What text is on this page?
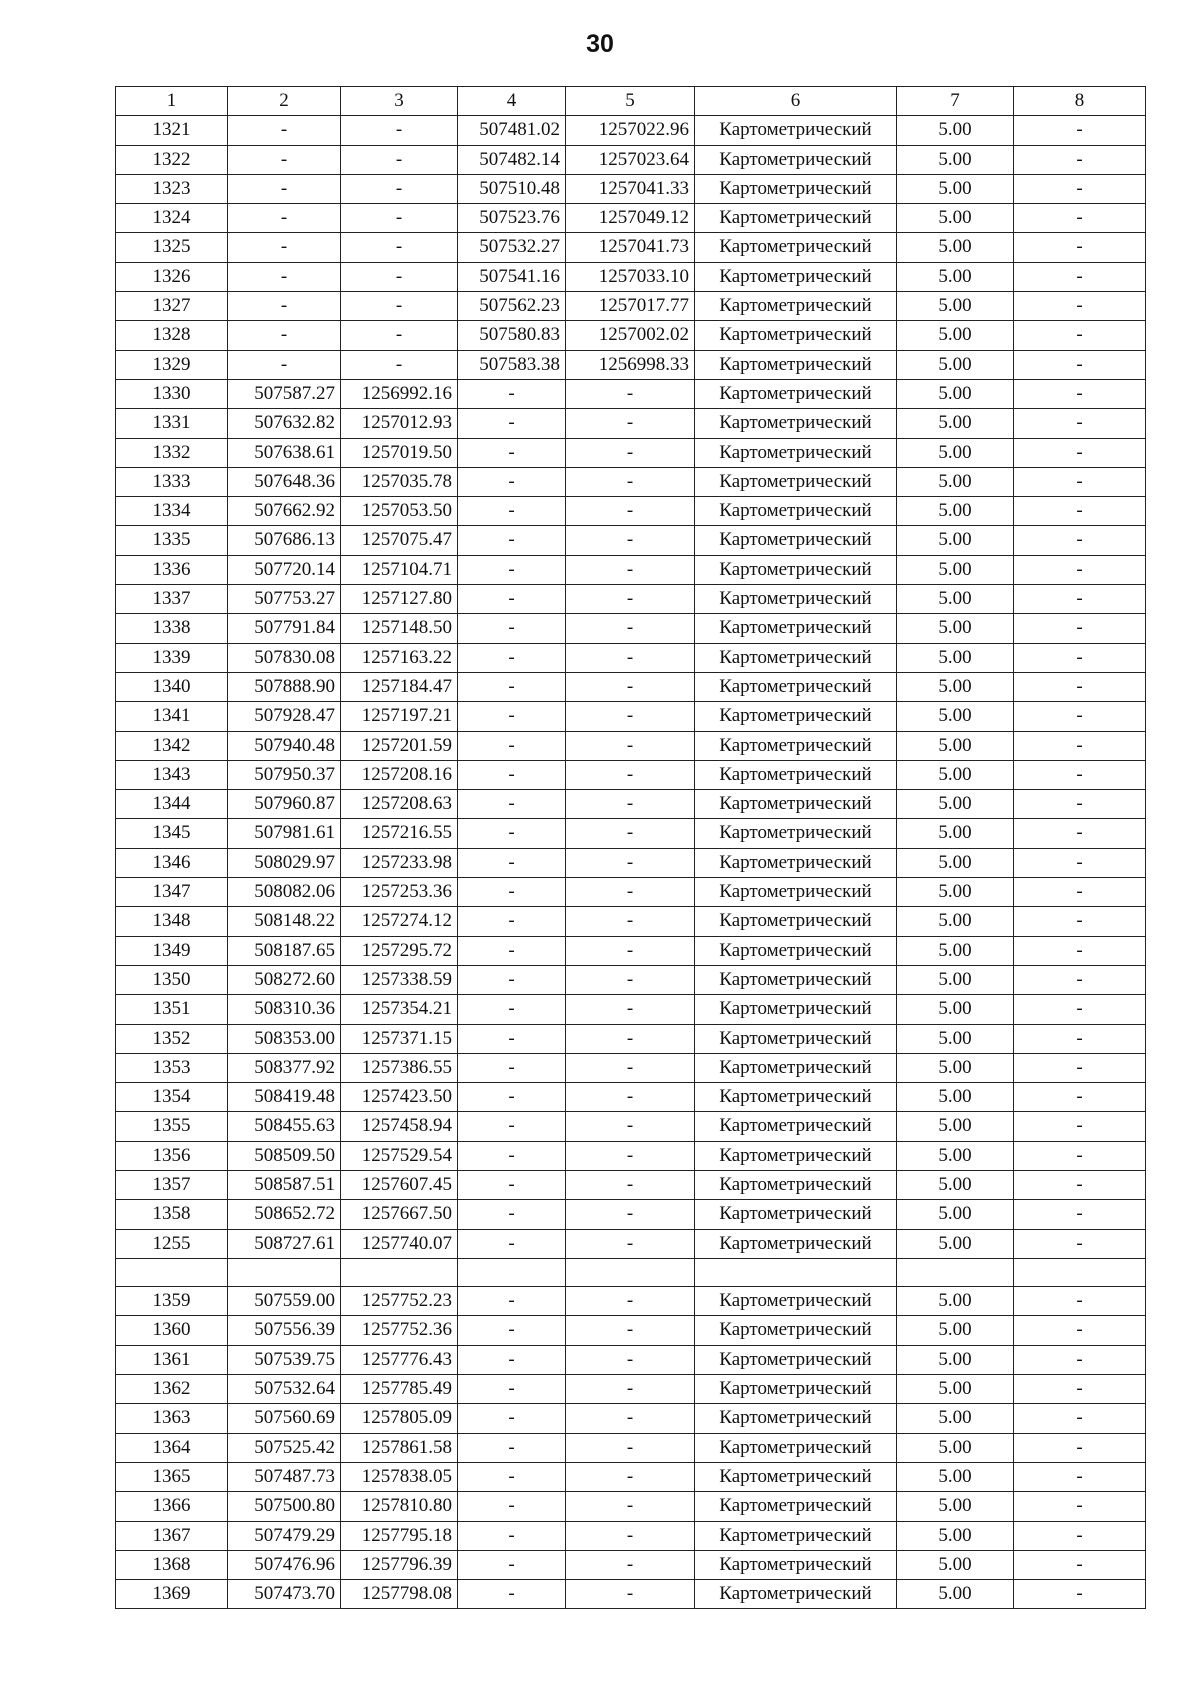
30
1	2	3	4	5	6	7	8
1321	-	-	507481.02	1257022.96	Картометрический	5.00	-
1322	-	-	507482.14	1257023.64	Картометрический	5.00	-
1323	-	-	507510.48	1257041.33	Картометрический	5.00	-
1324	-	-	507523.76	1257049.12	Картометрический	5.00	-
1325	-	-	507532.27	1257041.73	Картометрический	5.00	-
1326	-	-	507541.16	1257033.10	Картометрический	5.00	-
1327	-	-	507562.23	1257017.77	Картометрический	5.00	-
1328	-	-	507580.83	1257002.02	Картометрический	5.00	-
1329	-	-	507583.38	1256998.33	Картометрический	5.00	-
1330	507587.27	1256992.16	-	-	Картометрический	5.00	-
1331	507632.82	1257012.93	-	-	Картометрический	5.00	-
1332	507638.61	1257019.50	-	-	Картометрический	5.00	-
1333	507648.36	1257035.78	-	-	Картометрический	5.00	-
1334	507662.92	1257053.50	-	-	Картометрический	5.00	-
1335	507686.13	1257075.47	-	-	Картометрический	5.00	-
1336	507720.14	1257104.71	-	-	Картометрический	5.00	-
1337	507753.27	1257127.80	-	-	Картометрический	5.00	-
1338	507791.84	1257148.50	-	-	Картометрический	5.00	-
1339	507830.08	1257163.22	-	-	Картометрический	5.00	-
1340	507888.90	1257184.47	-	-	Картометрический	5.00	-
1341	507928.47	1257197.21	-	-	Картометрический	5.00	-
1342	507940.48	1257201.59	-	-	Картометрический	5.00	-
1343	507950.37	1257208.16	-	-	Картометрический	5.00	-
1344	507960.87	1257208.63	-	-	Картометрический	5.00	-
1345	507981.61	1257216.55	-	-	Картометрический	5.00	-
1346	508029.97	1257233.98	-	-	Картометрический	5.00	-
1347	508082.06	1257253.36	-	-	Картометрический	5.00	-
1348	508148.22	1257274.12	-	-	Картометрический	5.00	-
1349	508187.65	1257295.72	-	-	Картометрический	5.00	-
1350	508272.60	1257338.59	-	-	Картометрический	5.00	-
1351	508310.36	1257354.21	-	-	Картометрический	5.00	-
1352	508353.00	1257371.15	-	-	Картометрический	5.00	-
1353	508377.92	1257386.55	-	-	Картометрический	5.00	-
1354	508419.48	1257423.50	-	-	Картометрический	5.00	-
1355	508455.63	1257458.94	-	-	Картометрический	5.00	-
1356	508509.50	1257529.54	-	-	Картометрический	5.00	-
1357	508587.51	1257607.45	-	-	Картометрический	5.00	-
1358	508652.72	1257667.50	-	-	Картометрический	5.00	-
1255	508727.61	1257740.07	-	-	Картометрический	5.00	-

1359	507559.00	1257752.23	-	-	Картометрический	5.00	-
1360	507556.39	1257752.36	-	-	Картометрический	5.00	-
1361	507539.75	1257776.43	-	-	Картометрический	5.00	-
1362	507532.64	1257785.49	-	-	Картометрический	5.00	-
1363	507560.69	1257805.09	-	-	Картометрический	5.00	-
1364	507525.42	1257861.58	-	-	Картометрический	5.00	-
1365	507487.73	1257838.05	-	-	Картометрический	5.00	-
1366	507500.80	1257810.80	-	-	Картометрический	5.00	-
1367	507479.29	1257795.18	-	-	Картометрический	5.00	-
1368	507476.96	1257796.39	-	-	Картометрический	5.00	-
1369	507473.70	1257798.08	-	-	Картометрический	5.00	-
